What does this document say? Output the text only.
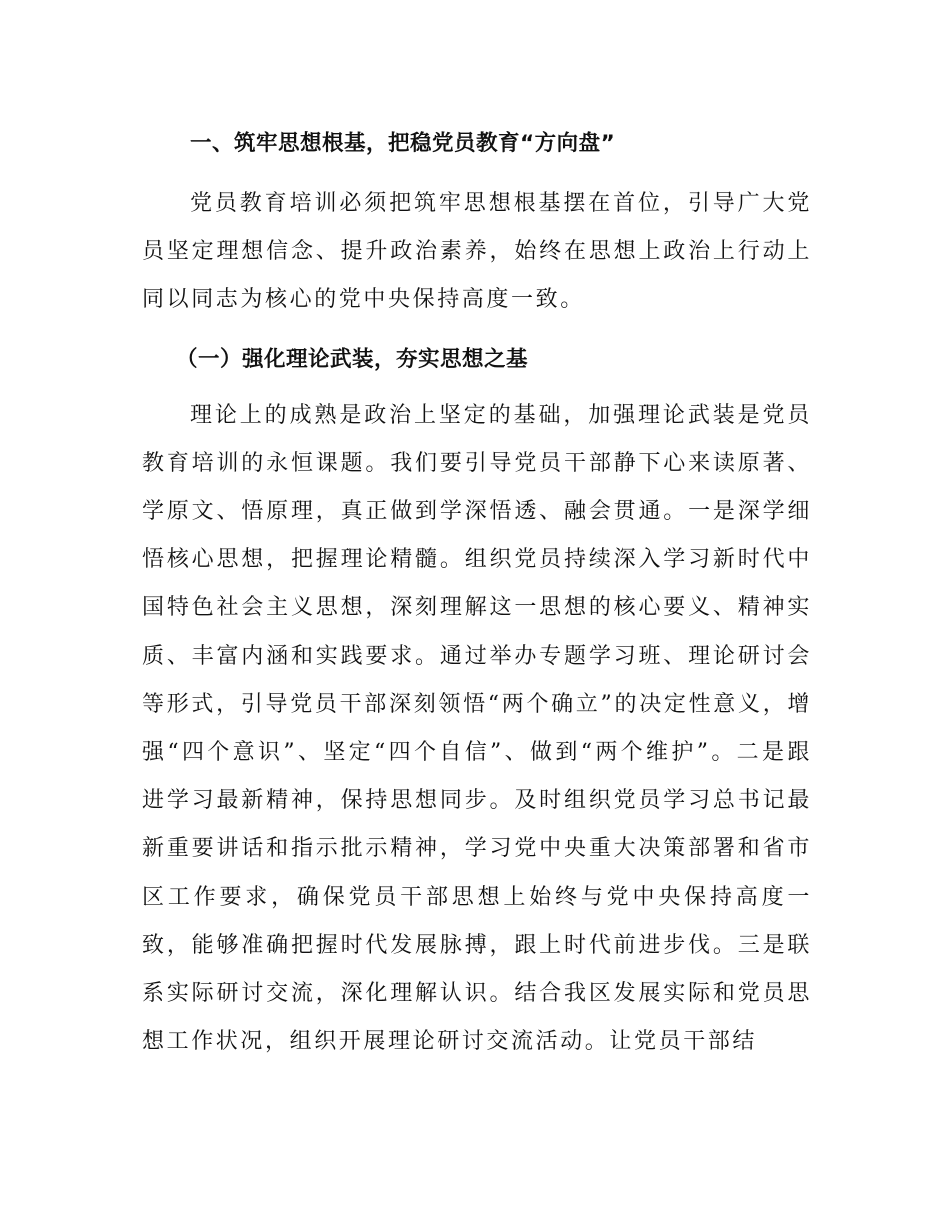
一、筑牢思想根基，把稳党员教育“方向盘”

党员教育培训必须把筑牢思想根基摆在首位，引导广大党员坚定理想信念、提升政治素养，始终在思想上政治上行动上同以同志为核心的党中央保持高度一致。

（一）强化理论武装，夯实思想之基

理论上的成熟是政治上坚定的基础，加强理论武装是党员教育培训的永恒课题。我们要引导党员干部静下心来读原著、学原文、悟原理，真正做到学深悟透、融会贯通。一是深学细悟核心思想，把握理论精髓。组织党员持续深入学习新时代中国特色社会主义思想，深刻理解这一思想的核心要义、精神实质、丰富内涵和实践要求。通过举办专题学习班、理论研讨会等形式，引导党员干部深刻领悟“两个确立”的决定性意义，增强“四个意识”、坚定“四个自信”、做到“两个维护”。二是跟进学习最新精神，保持思想同步。及时组织党员学习总书记最新重要讲话和指示批示精神，学习党中央重大决策部署和省市区工作要求，确保党员干部思想上始终与党中央保持高度一致，能够准确把握时代发展脉搏，跟上时代前进步伐。三是联系实际研讨交流，深化理解认识。结合我区发展实际和党员思想工作状况，组织开展理论研讨交流活动。让党员干部结
